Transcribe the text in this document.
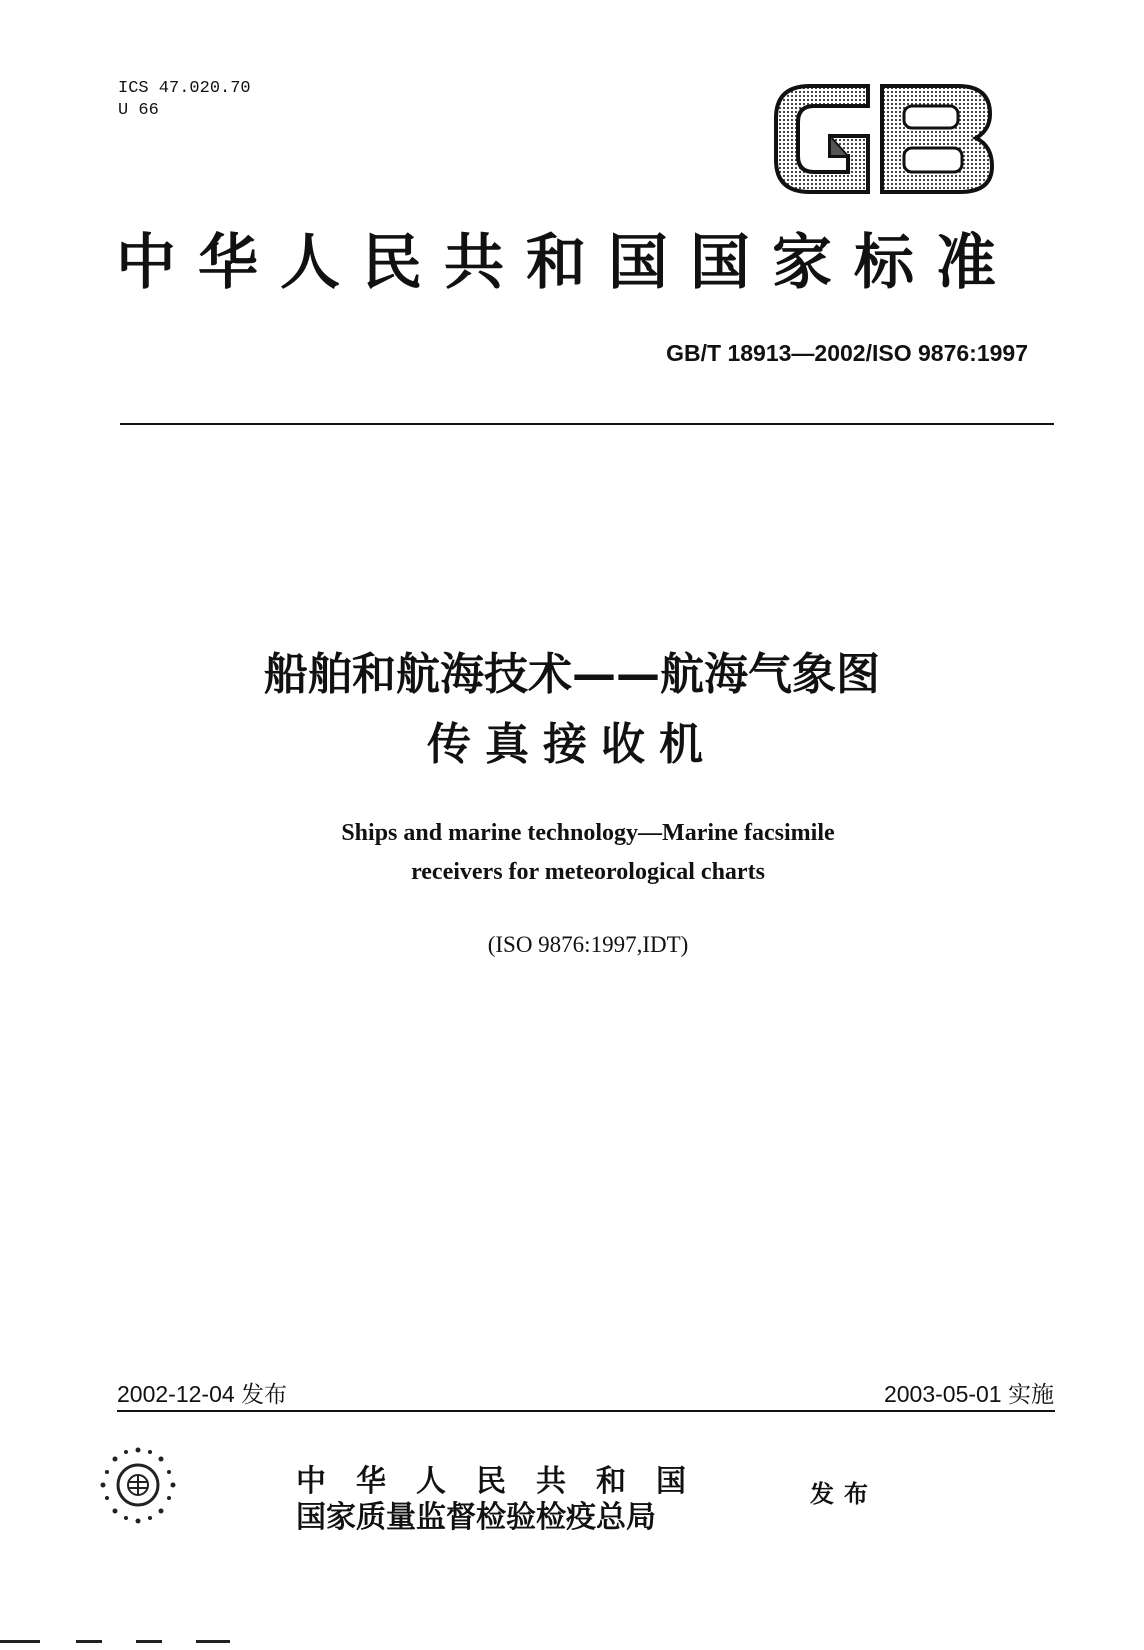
ICS 47.020.70
U 66
中华人民共和国国家标准
GB/T 18913—2002/ISO 9876:1997
船舶和航海技术——航海气象图
传真接收机
Ships and marine technology—Marine facsimile
receivers for meteorological charts
(ISO 9876:1997,IDT)
2002-12-04 发布	2003-05-01 实施
中华人民共和国
国家质量监督检验检疫总局
发布
